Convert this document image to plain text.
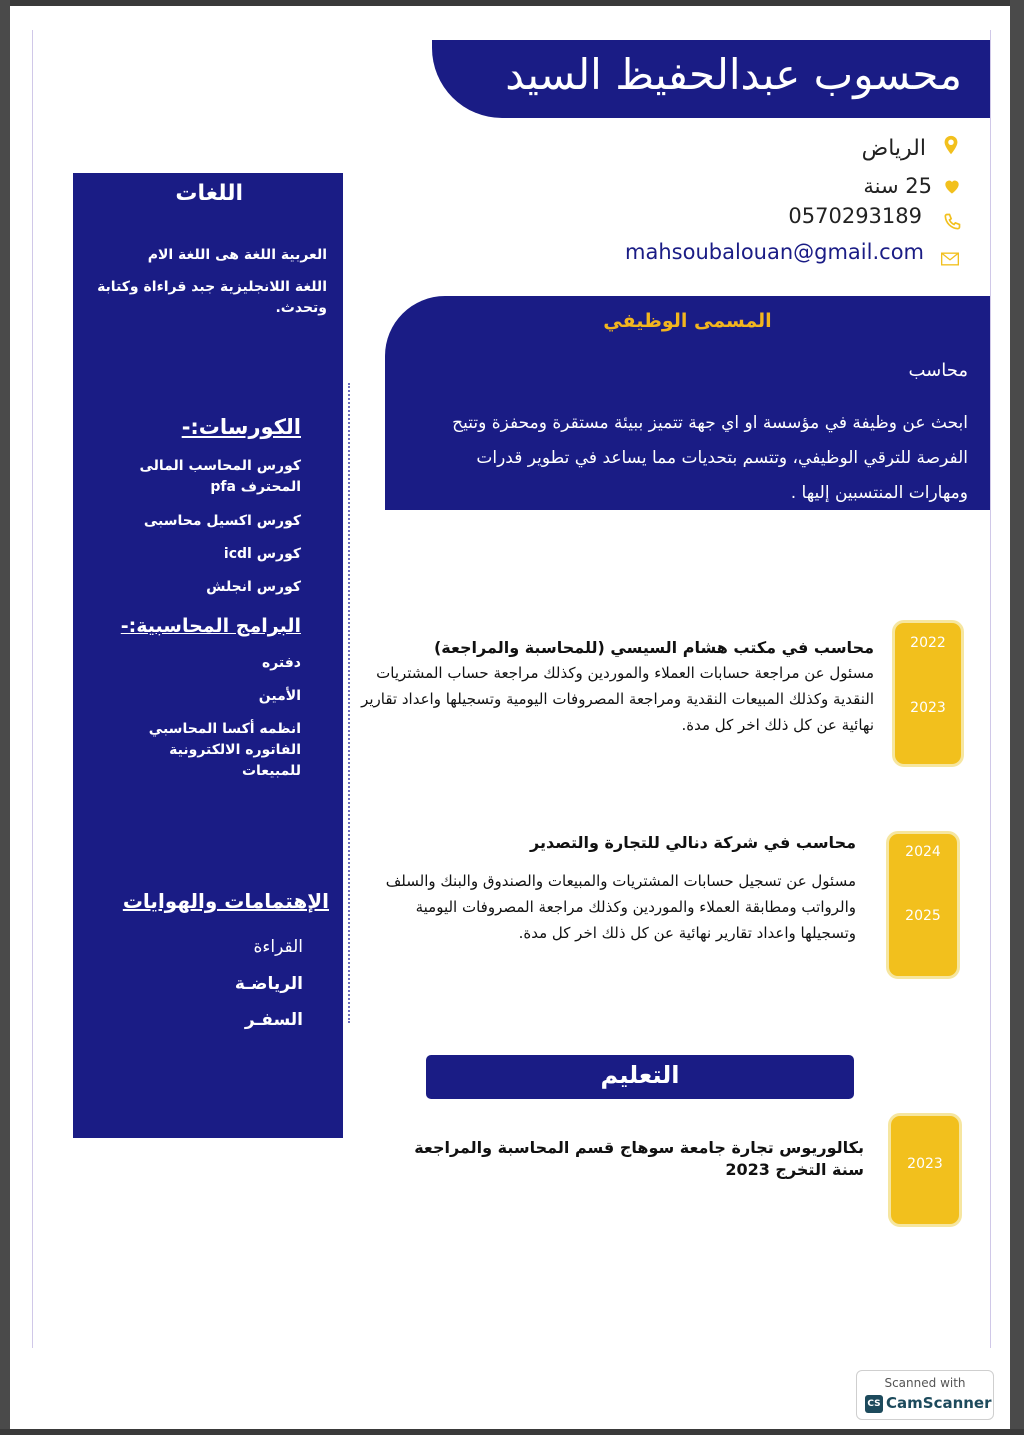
محسوب عبدالحفيظ السيد
الرياض
25 سنة
0570293189
mahsoubalouan@gmail.com
اللغات
العربية اللغة هى اللغة الام
اللغة اللانجليزية جبد قراءاة وكتابة وتحدث.
الكورسات:-
كورس المحاسب المالى المحترف pfa
كورس اكسيل محاسبى
كورس icdl
كورس انجلش
البرامج المحاسبية:-
دفتره
الأمين
انظمه أكسا المحاسبي الفاتوره الالكترونية للمبيعات
الإهتمامات والهوايات
القراءة
الرياضـة
السفـر
المسمى الوظيفي
محاسب
ابحث عن وظيفة في مؤسسة او اي جهة تتميز ببيئة مستقرة ومحفزة وتتيح الفرصة للترقي الوظيفي، وتتسم بتحديات مما يساعد في تطوير قدرات ومهارات المنتسبين إليها .
2022
2023
محاسب في مكتب هشام السيسي (للمحاسبة والمراجعة)
مسئول عن مراجعة حسابات العملاء والموردين وكذلك مراجعة حساب المشتريات النقدية وكذلك المبيعات النقدية ومراجعة المصروفات اليومية وتسجيلها واعداد تقارير نهائية عن كل ذلك اخر كل مدة.
2024
2025
محاسب في شركة دنالي للتجارة والتصدير
مسئول عن تسجيل حسابات المشتريات والمبيعات والصندوق والبنك والسلف والرواتب ومطابقة العملاء والموردين وكذلك مراجعة المصروفات اليومية وتسجيلها واعداد تقارير نهائية عن كل ذلك اخر كل مدة.
التعليم
2023
بكالوريوس تجارة جامعة سوهاج قسم المحاسبة والمراجعة
سنة التخرج 2023
Scanned with
CS CamScanner
